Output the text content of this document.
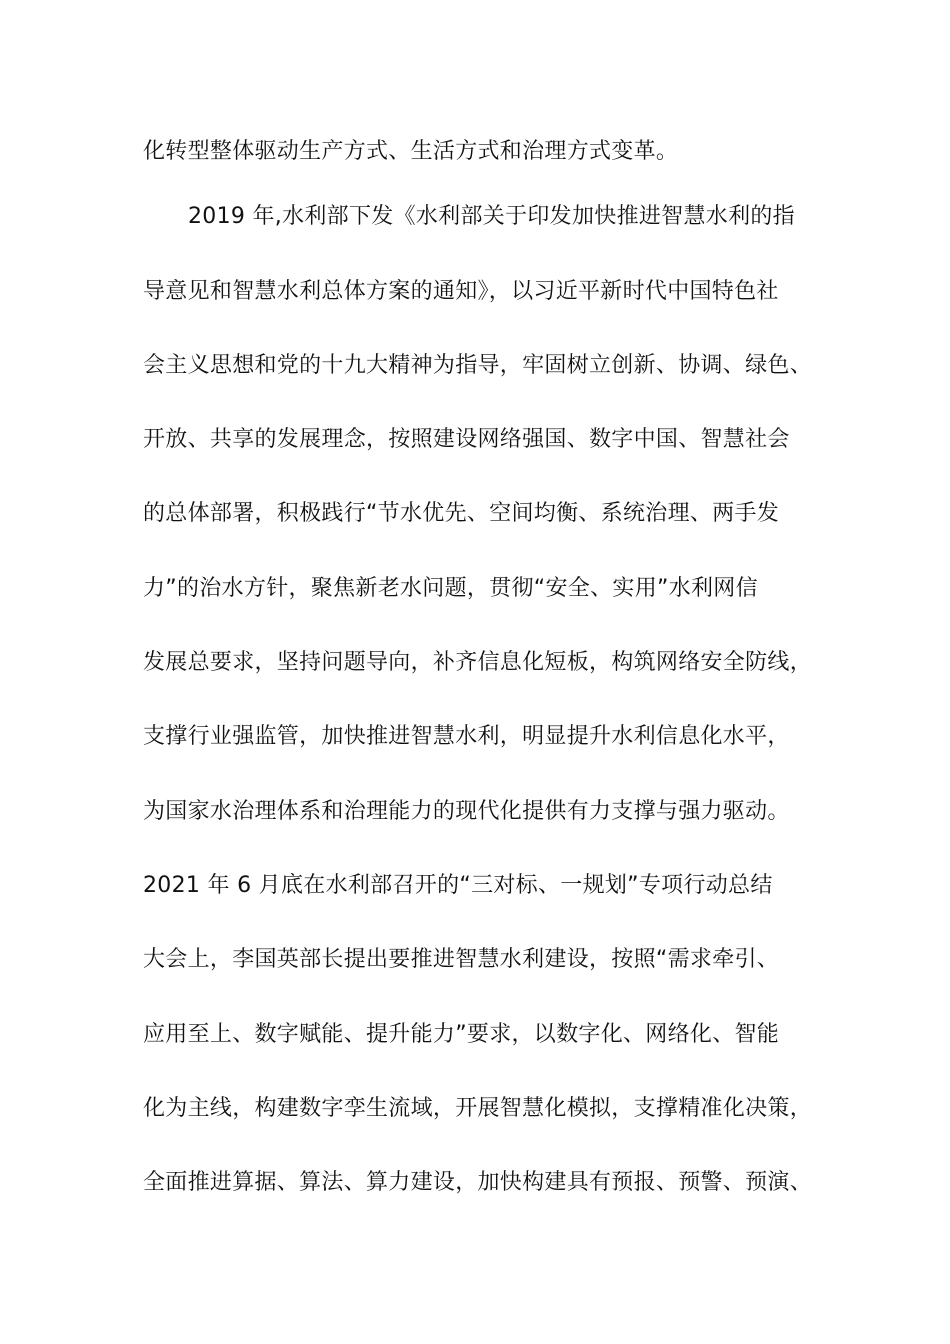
化转型整体驱动生产方式、生活方式和治理方式变革。
2019 年,水利部下发《水利部关于印发加快推进智慧水利的指
导意见和智慧水利总体方案的通知》，以习近平新时代中国特色社
会主义思想和党的十九大精神为指导，牢固树立创新、协调、绿色、
开放、共享的发展理念，按照建设网络强国、数字中国、智慧社会
的总体部署，积极践行“节水优先、空间均衡、系统治理、两手发
力”的治水方针，聚焦新老水问题，贯彻“安全、实用”水利网信
发展总要求，坚持问题导向，补齐信息化短板，构筑网络安全防线，
支撑行业强监管，加快推进智慧水利，明显提升水利信息化水平，
为国家水治理体系和治理能力的现代化提供有力支撑与强力驱动。
2021 年 6 月底在水利部召开的“三对标、一规划”专项行动总结
大会上，李国英部长提出要推进智慧水利建设，按照“需求牵引、
应用至上、数字赋能、提升能力”要求，以数字化、网络化、智能
化为主线，构建数字孪生流域，开展智慧化模拟，支撑精准化决策，
全面推进算据、算法、算力建设，加快构建具有预报、预警、预演、
